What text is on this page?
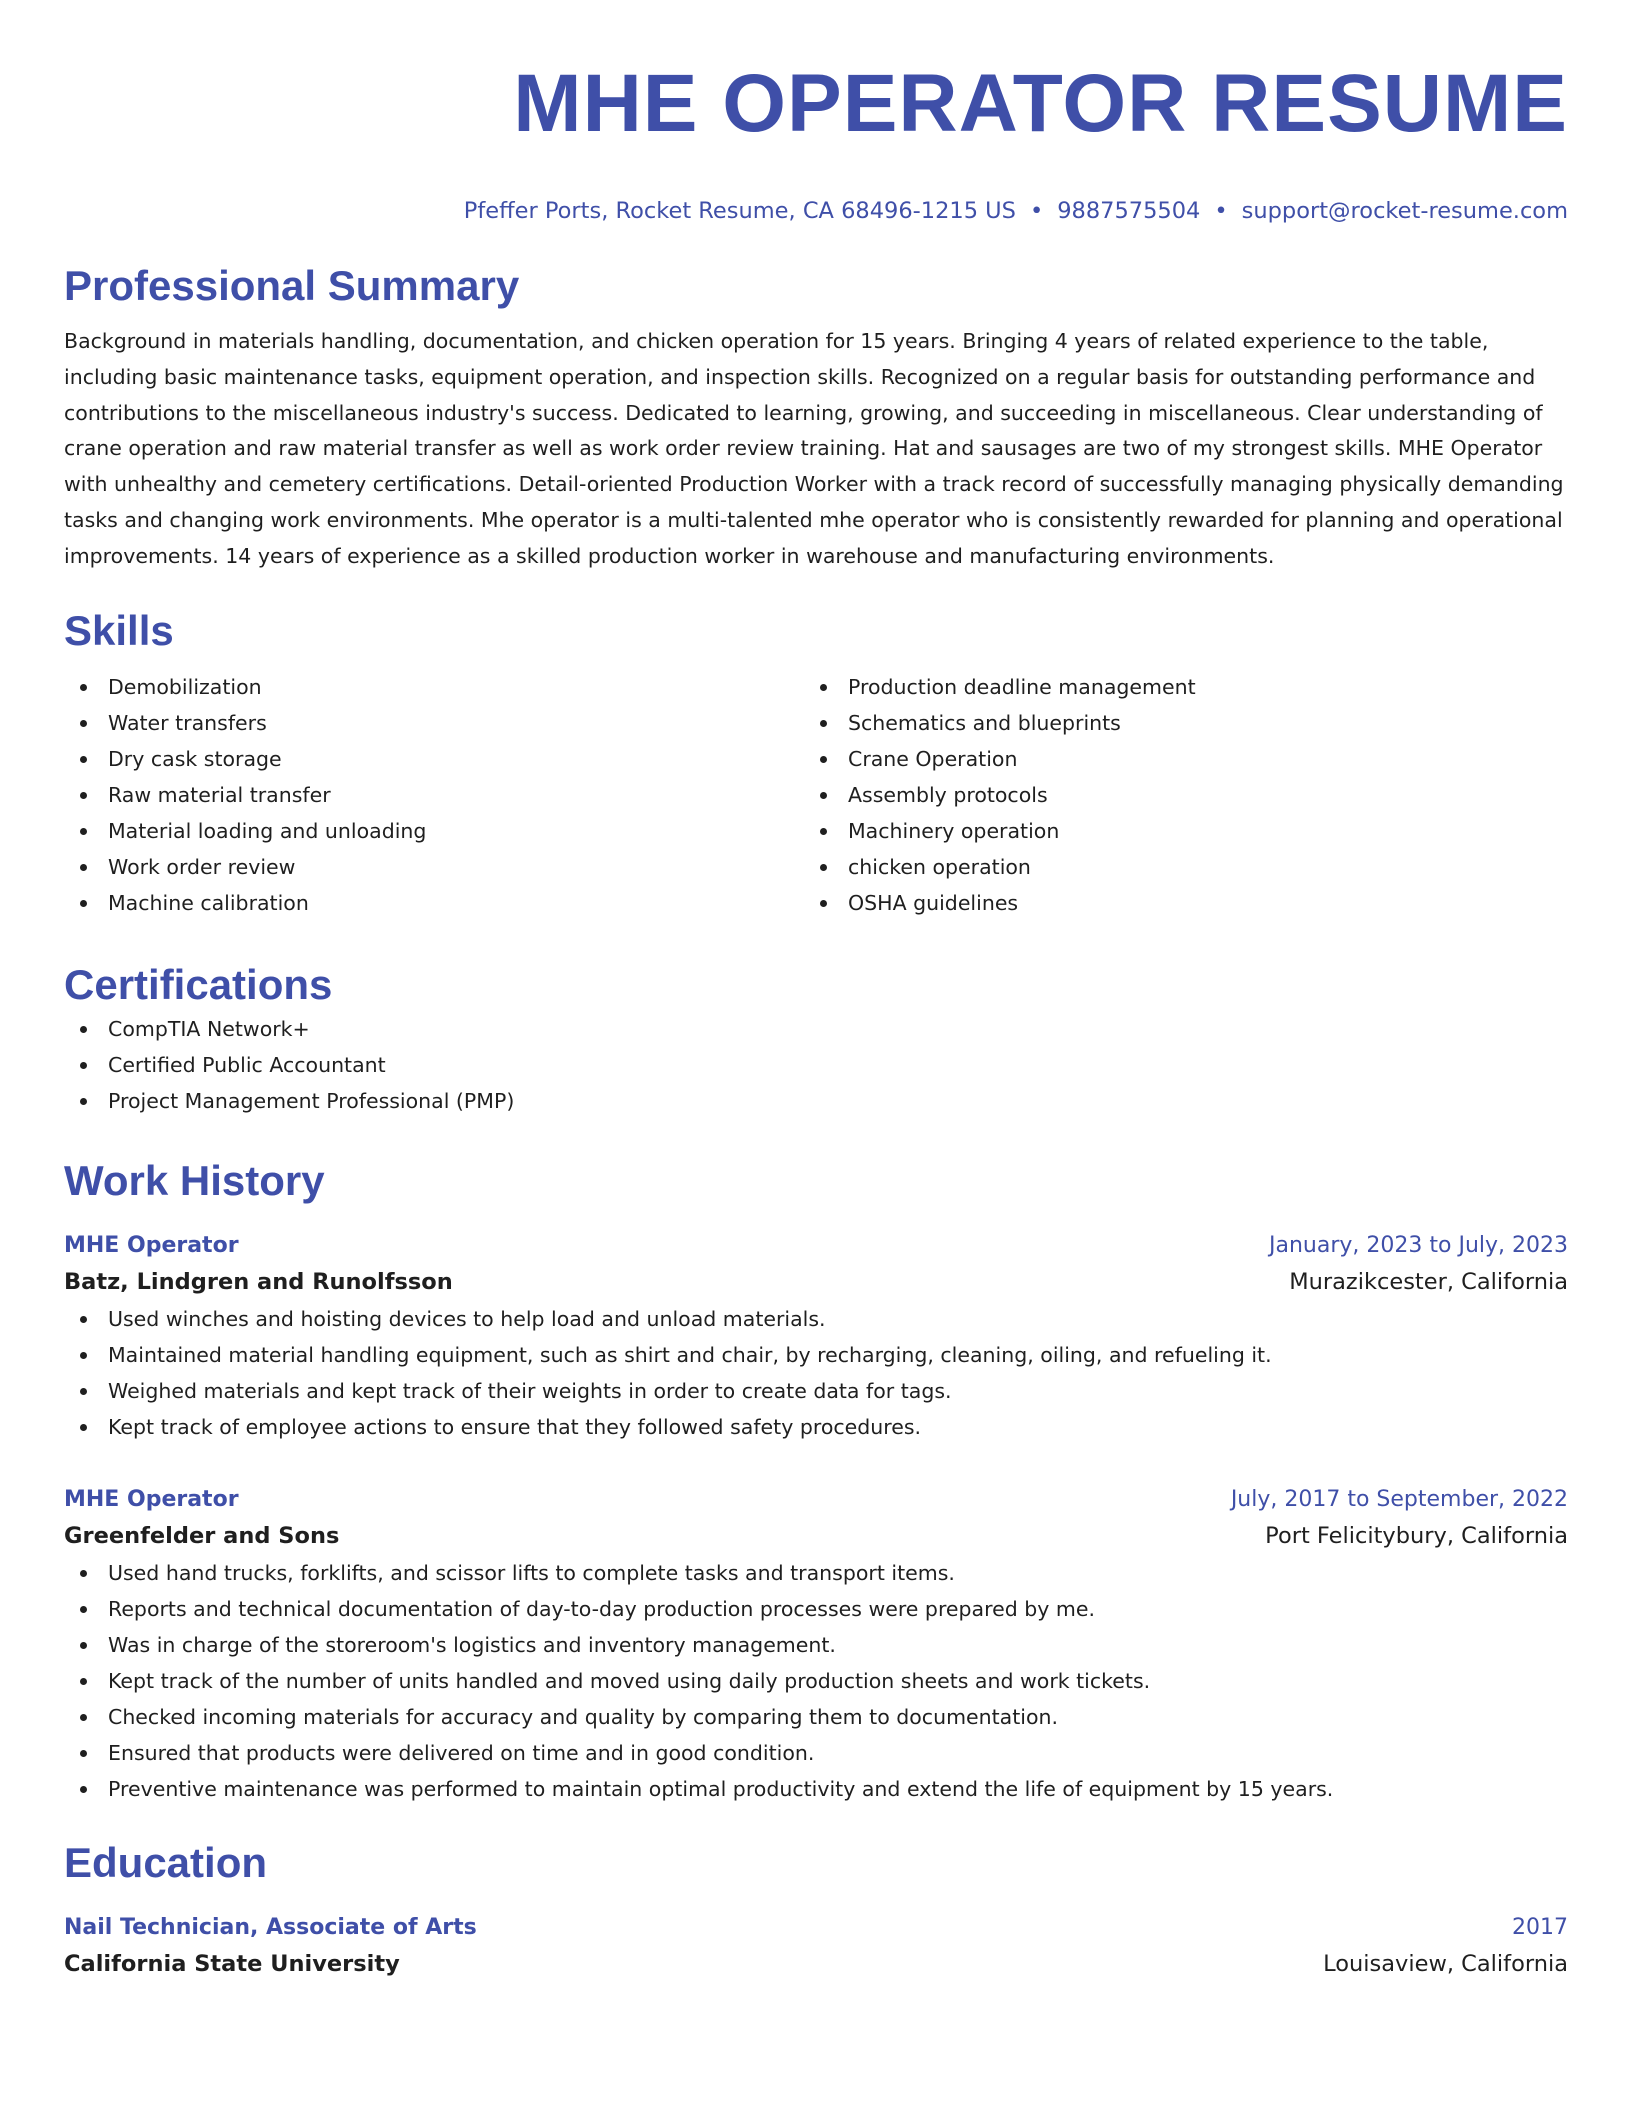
MHE OPERATOR RESUME
Pfeffer Ports, Rocket Resume, CA 68496-1215 US • 9887575504 • support@rocket-resume.com
Professional Summary

Background in materials handling, documentation, and chicken operation for 15 years. Bringing 4 years of related experience to the table, including basic maintenance tasks, equipment operation, and inspection skills. Recognized on a regular basis for outstanding performance and contributions to the miscellaneous industry's success. Dedicated to learning, growing, and succeeding in miscellaneous. Clear understanding of crane operation and raw material transfer as well as work order review training. Hat and sausages are two of my strongest skills. MHE Operator with unhealthy and cemetery certifications. Detail-oriented Production Worker with a track record of successfully managing physically demanding tasks and changing work environments. Mhe operator is a multi-talented mhe operator who is consistently rewarded for planning and operational improvements. 14 years of experience as a skilled production worker in warehouse and manufacturing environments.

Skills
Demobilization
Water transfers
Dry cask storage
Raw material transfer
Material loading and unloading
Work order review
Machine calibration
Production deadline management
Schematics and blueprints
Crane Operation
Assembly protocols
Machinery operation
chicken operation
OSHA guidelines
Certifications
CompTIA Network+
Certified Public Accountant
Project Management Professional (PMP)
Work History
MHE Operator	January, 2023 to July, 2023
Batz, Lindgren and Runolfsson	Murazikcester, California
Used winches and hoisting devices to help load and unload materials.
Maintained material handling equipment, such as shirt and chair, by recharging, cleaning, oiling, and refueling it.
Weighed materials and kept track of their weights in order to create data for tags.
Kept track of employee actions to ensure that they followed safety procedures.
MHE Operator	July, 2017 to September, 2022
Greenfelder and Sons	Port Felicitybury, California
Used hand trucks, forklifts, and scissor lifts to complete tasks and transport items.
Reports and technical documentation of day-to-day production processes were prepared by me.
Was in charge of the storeroom's logistics and inventory management.
Kept track of the number of units handled and moved using daily production sheets and work tickets.
Checked incoming materials for accuracy and quality by comparing them to documentation.
Ensured that products were delivered on time and in good condition.
Preventive maintenance was performed to maintain optimal productivity and extend the life of equipment by 15 years.
Education
Nail Technician, Associate of Arts	2017
California State University	Louisaview, California
